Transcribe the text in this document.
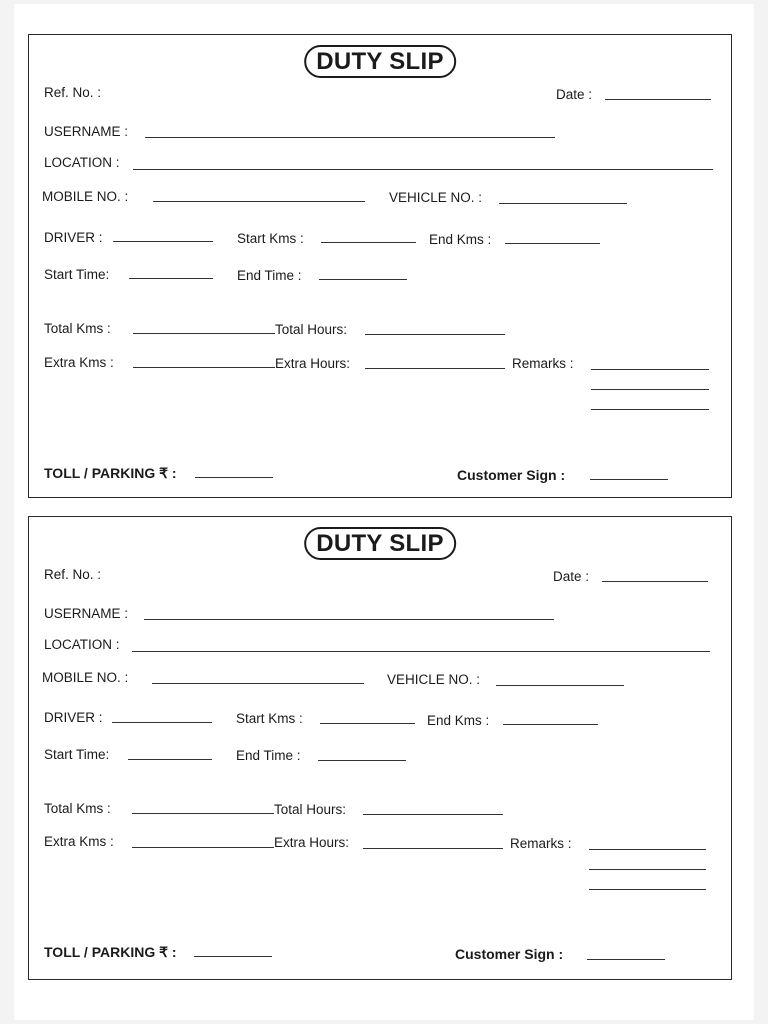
DUTY SLIP
Ref. No. :	Date :
USERNAME :
LOCATION :
MOBILE NO. :	VEHICLE NO. :
DRIVER :	Start Kms :	End Kms :
Start Time:	End Time :
Total Kms :	Total Hours:
Extra Kms :	Extra Hours:	Remarks :
TOLL / PARKING ₹ :	Customer Sign :
DUTY SLIP
Ref. No. :	Date :
USERNAME :
LOCATION :
MOBILE NO. :	VEHICLE NO. :
DRIVER :	Start Kms :	End Kms :
Start Time:	End Time :
Total Kms :	Total Hours:
Extra Kms :	Extra Hours:	Remarks :
TOLL / PARKING ₹ :	Customer Sign :
